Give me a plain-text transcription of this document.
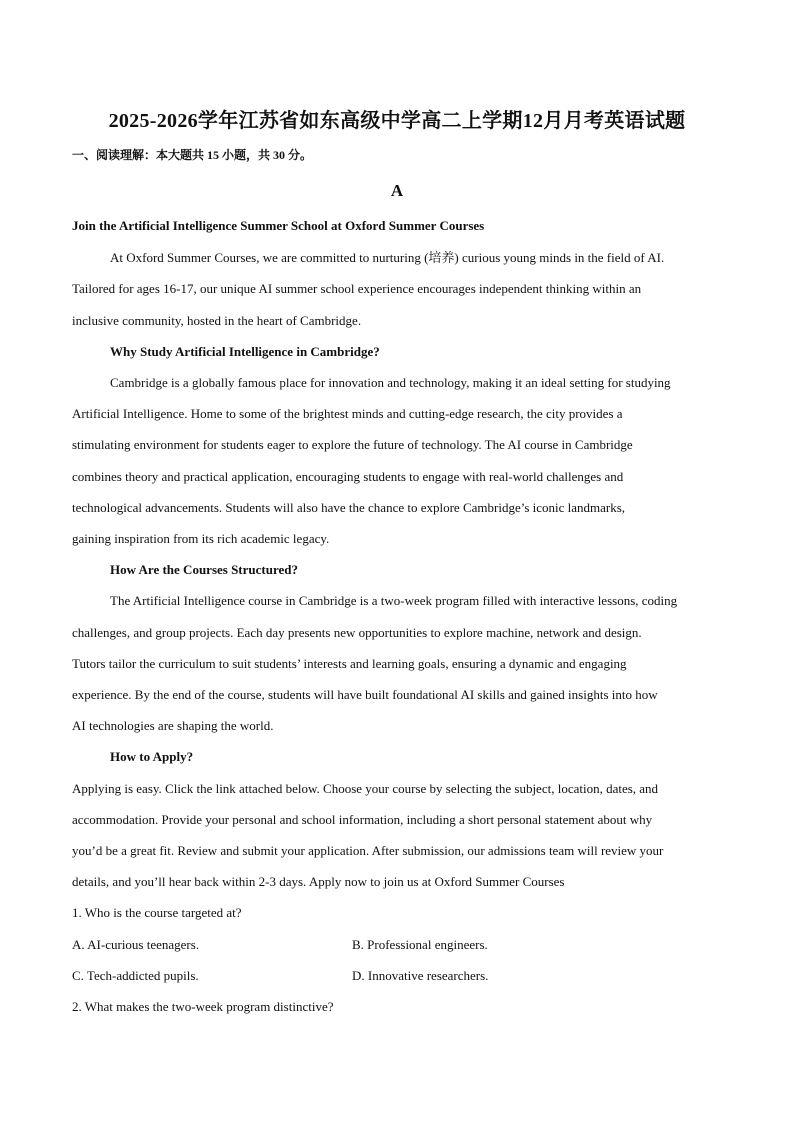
2025-2026学年江苏省如东高级中学高二上学期12月月考英语试题
一、阅读理解：本大题共 15 小题，共 30 分。
A
Join the Artificial Intelligence Summer School at Oxford Summer Courses
At Oxford Summer Courses, we are committed to nurturing (培养) curious young minds in the field of AI.
Tailored for ages 16-17, our unique AI summer school experience encourages independent thinking within an
inclusive community, hosted in the heart of Cambridge.
Why Study Artificial Intelligence in Cambridge?
Cambridge is a globally famous place for innovation and technology, making it an ideal setting for studying
Artificial Intelligence. Home to some of the brightest minds and cutting-edge research, the city provides a
stimulating environment for students eager to explore the future of technology. The AI course in Cambridge
combines theory and practical application, encouraging students to engage with real-world challenges and
technological advancements. Students will also have the chance to explore Cambridge’s iconic landmarks,
gaining inspiration from its rich academic legacy.
How Are the Courses Structured?
The Artificial Intelligence course in Cambridge is a two-week program filled with interactive lessons, coding
challenges, and group projects. Each day presents new opportunities to explore machine, network and design.
Tutors tailor the curriculum to suit students’ interests and learning goals, ensuring a dynamic and engaging
experience. By the end of the course, students will have built foundational AI skills and gained insights into how
AI technologies are shaping the world.
How to Apply?
Applying is easy. Click the link attached below. Choose your course by selecting the subject, location, dates, and
accommodation. Provide your personal and school information, including a short personal statement about why
you’d be a great fit. Review and submit your application. After submission, our admissions team will review your
details, and you’ll hear back within 2-3 days. Apply now to join us at Oxford Summer Courses
1. Who is the course targeted at?
A. AI-curious teenagers.	B. Professional engineers.
C. Tech-addicted pupils.	D. Innovative researchers.
2. What makes the two-week program distinctive?
